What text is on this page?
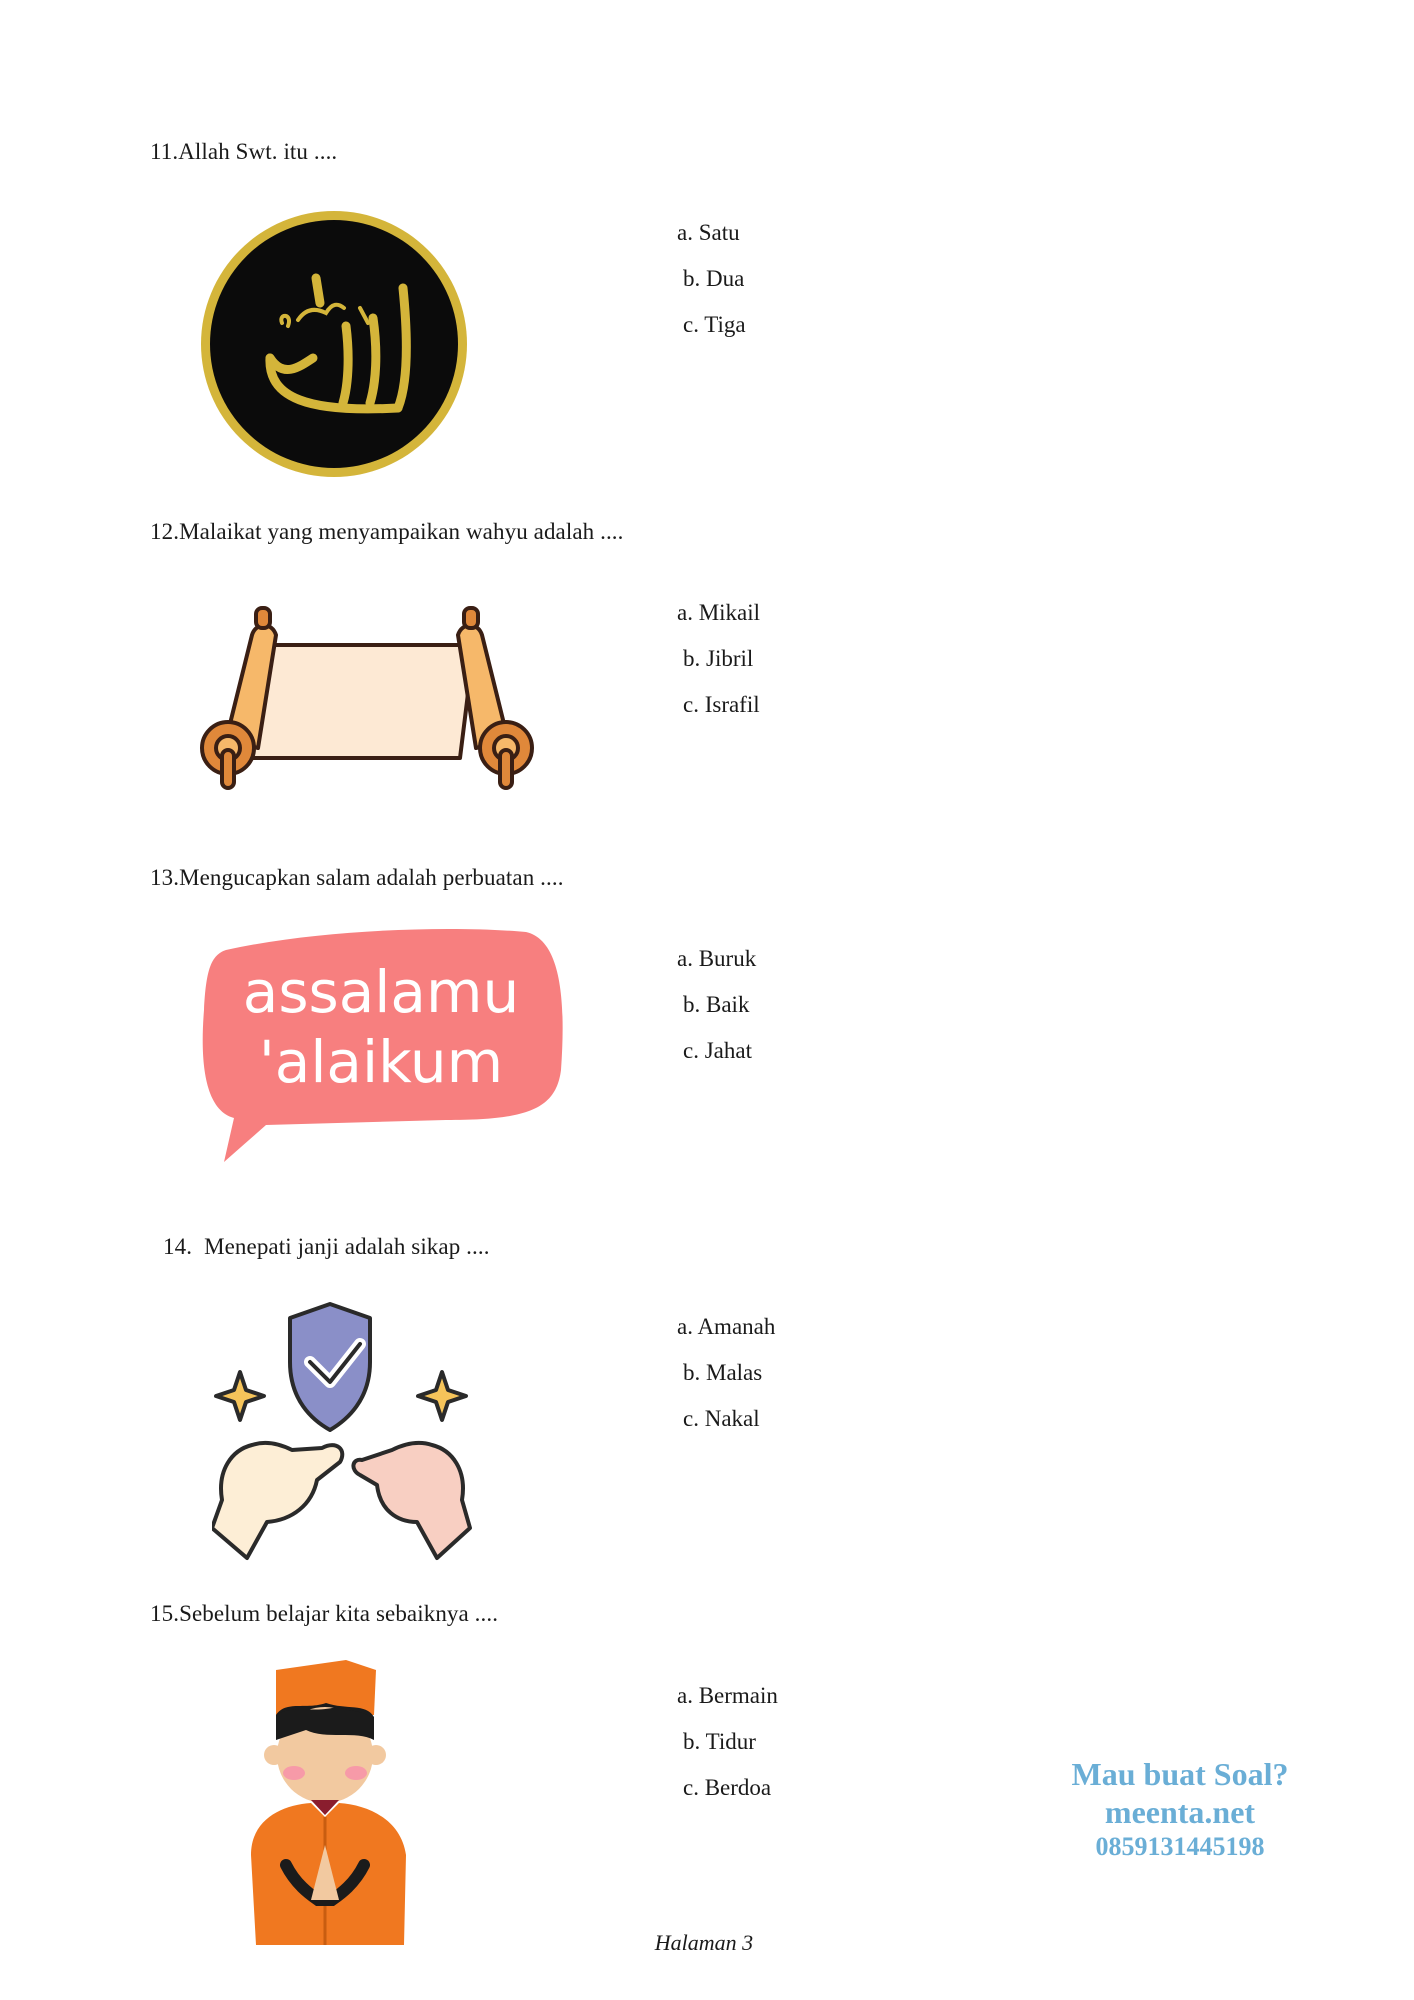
11.Allah Swt. itu ....
a. Satu
b. Dua
c. Tiga
12.Malaikat yang menyampaikan wahyu adalah ....
a. Mikail
b. Jibril
c. Israfil
13.Mengucapkan salam adalah perbuatan ....
assalamu
'alaikum
a. Buruk
b. Baik
c. Jahat
14. Menepati janji adalah sikap ....
a. Amanah
b. Malas
c. Nakal
15.Sebelum belajar kita sebaiknya ....
a. Bermain
b. Tidur
c. Berdoa	Mau buat Soal?
meenta.net
0859131445198
Halaman 3
